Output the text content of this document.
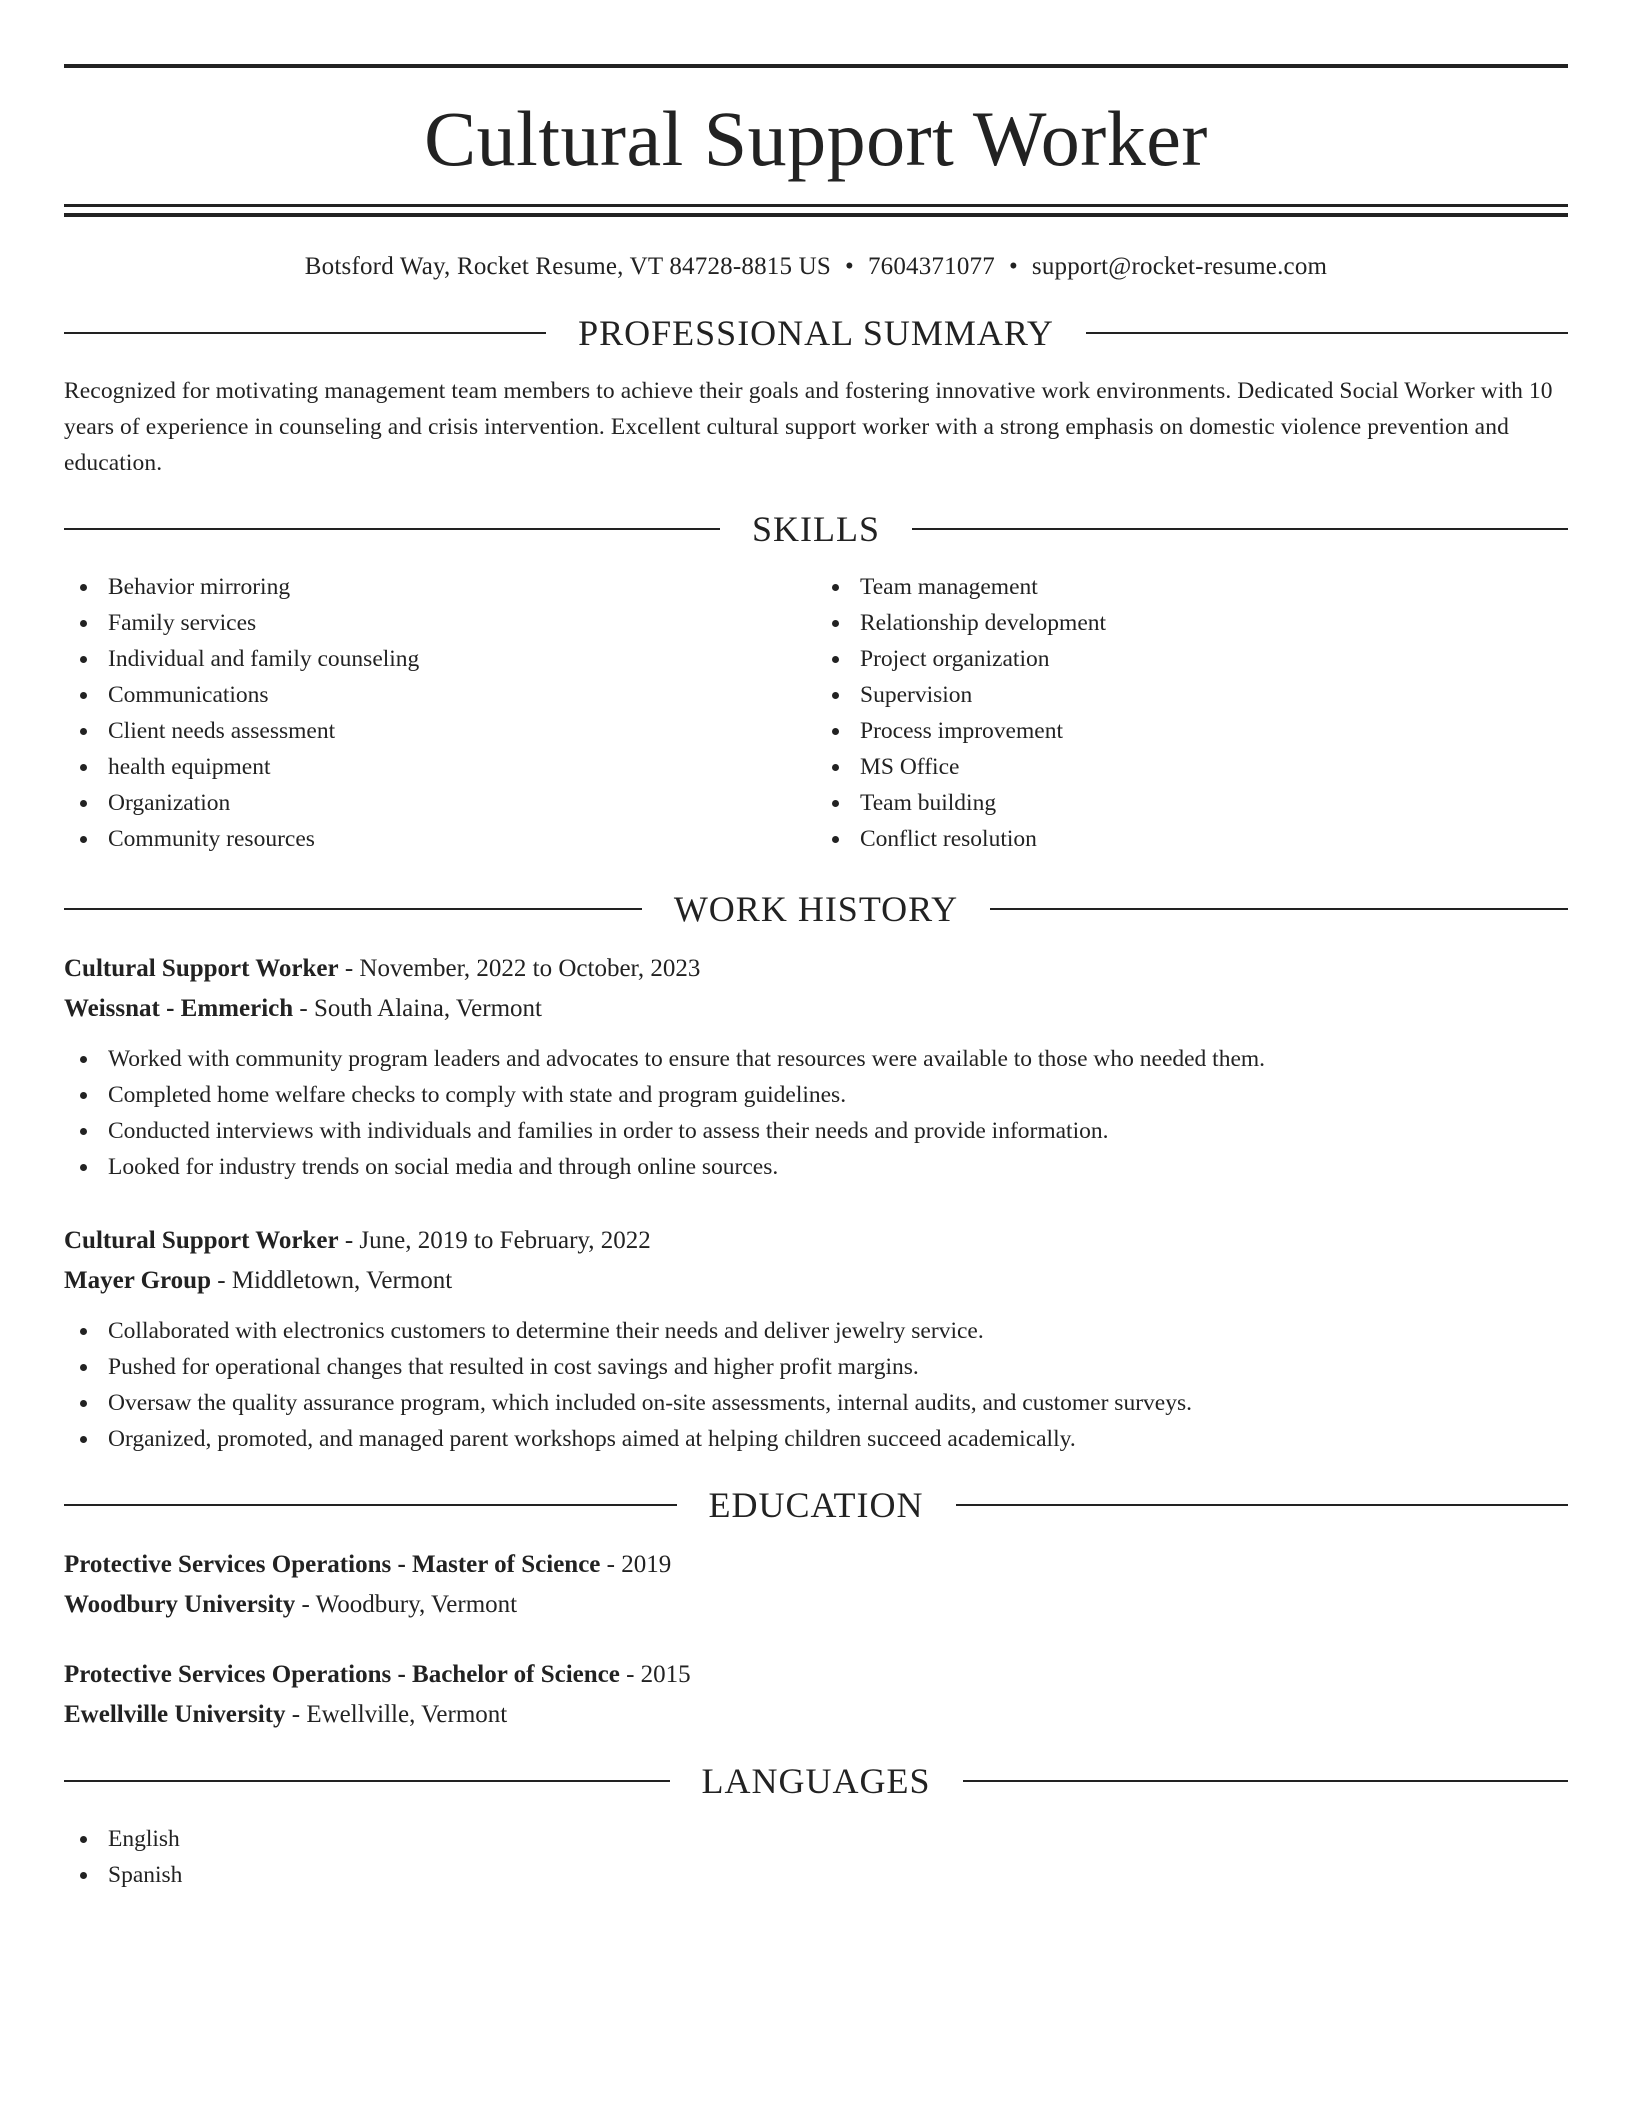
Cultural Support Worker
Botsford Way, Rocket Resume, VT 84728-8815 US • 7604371077 • support@rocket-resume.com
PROFESSIONAL SUMMARY

Recognized for motivating management team members to achieve their goals and fostering innovative work environments. Dedicated Social Worker with 10 years of experience in counseling and crisis intervention. Excellent cultural support worker with a strong emphasis on domestic violence prevention and education.

SKILLS
Behavior mirroring
Family services
Individual and family counseling
Communications
Client needs assessment
health equipment
Organization
Community resources
Team management
Relationship development
Project organization
Supervision
Process improvement
MS Office
Team building
Conflict resolution
WORK HISTORY
Cultural Support Worker - November, 2022 to October, 2023
Weissnat - Emmerich - South Alaina, Vermont
Worked with community program leaders and advocates to ensure that resources were available to those who needed them.
Completed home welfare checks to comply with state and program guidelines.
Conducted interviews with individuals and families in order to assess their needs and provide information.
Looked for industry trends on social media and through online sources.
Cultural Support Worker - June, 2019 to February, 2022
Mayer Group - Middletown, Vermont
Collaborated with electronics customers to determine their needs and deliver jewelry service.
Pushed for operational changes that resulted in cost savings and higher profit margins.
Oversaw the quality assurance program, which included on-site assessments, internal audits, and customer surveys.
Organized, promoted, and managed parent workshops aimed at helping children succeed academically.
EDUCATION
Protective Services Operations - Master of Science - 2019
Woodbury University - Woodbury, Vermont
Protective Services Operations - Bachelor of Science - 2015
Ewellville University - Ewellville, Vermont
LANGUAGES
English
Spanish
